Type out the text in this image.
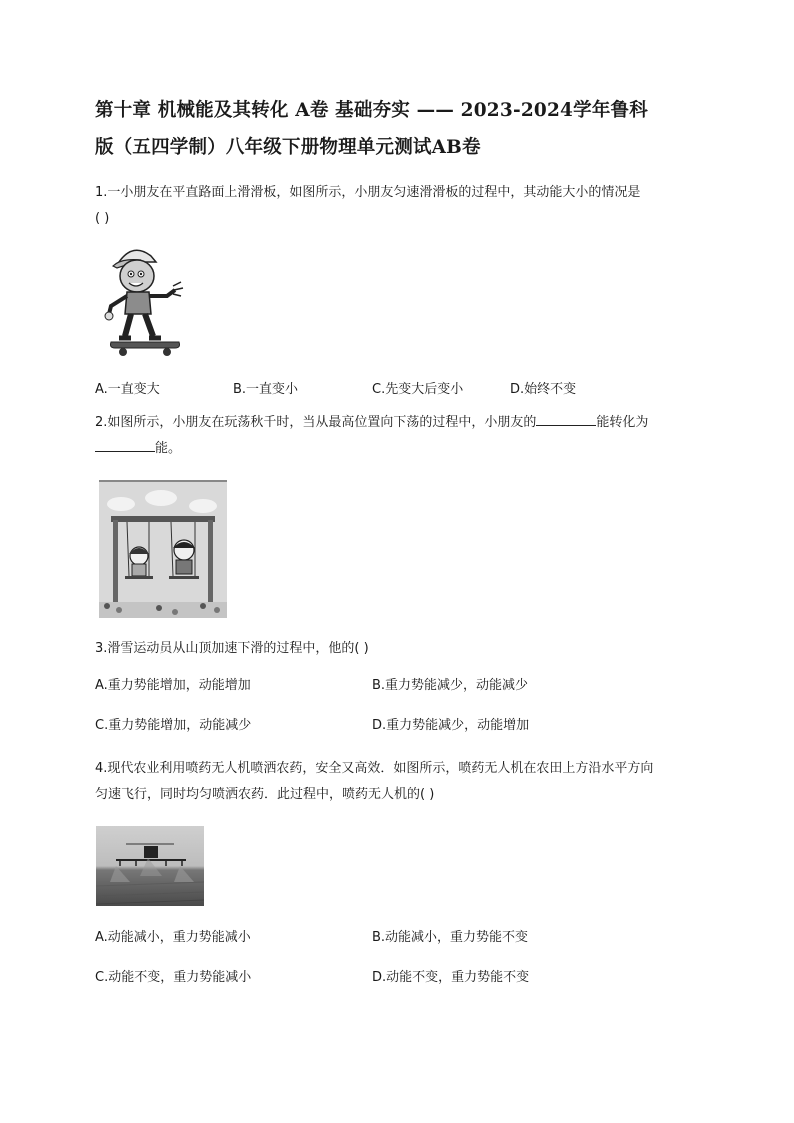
第十章 机械能及其转化 A卷 基础夯实 —— 2023-2024学年鲁科
版（五四学制）八年级下册物理单元测试AB卷

1.一小朋友在平直路面上滑滑板，如图所示，小朋友匀速滑滑板的过程中，其动能大小的情况是

( )

A.一直变大	B.一直变小	C.先变大后变小	D.始终不变

2.如图所示，小朋友在玩荡秋千时，当从最高位置向下荡的过程中，小朋友的	能转化为

能。

3.滑雪运动员从山顶加速下滑的过程中，他的( )

A.重力势能增加，动能增加	B.重力势能减少，动能减少
C.重力势能增加，动能减少	D.重力势能减少，动能增加

4.现代农业利用喷药无人机喷洒农药，安全又高效．如图所示，喷药无人机在农田上方沿水平方向

匀速飞行，同时均匀喷洒农药．此过程中，喷药无人机的( )

A.动能减小，重力势能减小	B.动能减小，重力势能不变
C.动能不变，重力势能减小	D.动能不变，重力势能不变
